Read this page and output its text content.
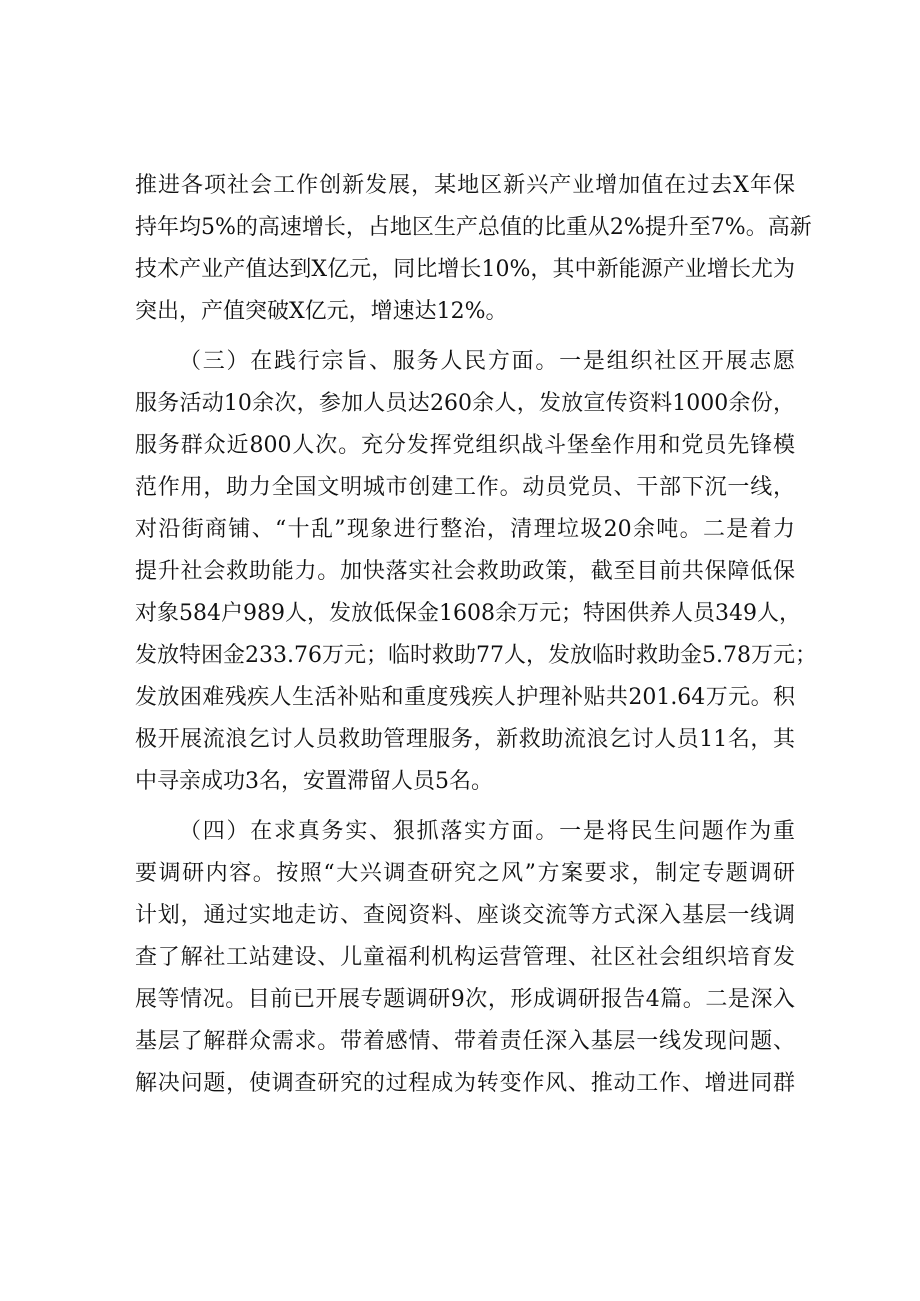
推进各项社会工作创新发展，某地区新兴产业增加值在过去X年保
持年均5%的高速增长，占地区生产总值的比重从2%提升至7%。高新
技术产业产值达到X亿元，同比增长10%，其中新能源产业增长尤为
突出，产值突破X亿元，增速达12%。
（三）在践行宗旨、服务人民方面。一是组织社区开展志愿
服务活动10余次，参加人员达260余人，发放宣传资料1000余份，
服务群众近800人次。充分发挥党组织战斗堡垒作用和党员先锋模
范作用，助力全国文明城市创建工作。动员党员、干部下沉一线，
对沿街商铺、“十乱”现象进行整治，清理垃圾20余吨。二是着力
提升社会救助能力。加快落实社会救助政策，截至目前共保障低保
对象584户989人，发放低保金1608余万元；特困供养人员349人，
发放特困金233.76万元；临时救助77人，发放临时救助金5.78万元；
发放困难残疾人生活补贴和重度残疾人护理补贴共201.64万元。积
极开展流浪乞讨人员救助管理服务，新救助流浪乞讨人员11名，其
中寻亲成功3名，安置滞留人员5名。
（四）在求真务实、狠抓落实方面。一是将民生问题作为重
要调研内容。按照“大兴调查研究之风”方案要求，制定专题调研
计划，通过实地走访、查阅资料、座谈交流等方式深入基层一线调
查了解社工站建设、儿童福利机构运营管理、社区社会组织培育发
展等情况。目前已开展专题调研9次，形成调研报告4篇。二是深入
基层了解群众需求。带着感情、带着责任深入基层一线发现问题、
解决问题，使调查研究的过程成为转变作风、推动工作、增进同群
